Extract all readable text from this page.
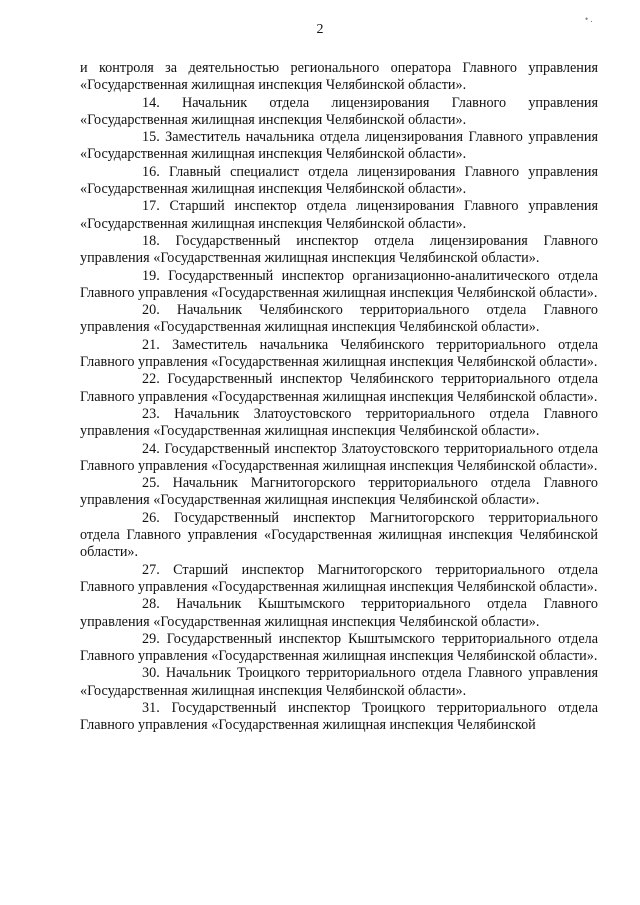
• .
2

и контроля за деятельностью регионального оператора Главного управления «Государственная жилищная инспекция Челябинской области».

14. Начальник отдела лицензирования Главного управления «Государственная жилищная инспекция Челябинской области».

15. Заместитель начальника отдела лицензирования Главного управления «Государственная жилищная инспекция Челябинской области».

16. Главный специалист отдела лицензирования Главного управления «Государственная жилищная инспекция Челябинской области».

17. Старший инспектор отдела лицензирования Главного управления «Государственная жилищная инспекция Челябинской области».

18. Государственный инспектор отдела лицензирования Главного управления «Государственная жилищная инспекция Челябинской области».

19. Государственный инспектор организационно-аналитического отдела Главного управления «Государственная жилищная инспекция Челябинской области».

20. Начальник Челябинского территориального отдела Главного управления «Государственная жилищная инспекция Челябинской области».

21. Заместитель начальника Челябинского территориального отдела Главного управления «Государственная жилищная инспекция Челябинской области».

22. Государственный инспектор Челябинского территориального отдела Главного управления «Государственная жилищная инспекция Челябинской области».

23. Начальник Златоустовского территориального отдела Главного управления «Государственная жилищная инспекция Челябинской области».

24. Государственный инспектор Златоустовского территориального отдела Главного управления «Государственная жилищная инспекция Челябинской области».

25. Начальник Магнитогорского территориального отдела Главного управления «Государственная жилищная инспекция Челябинской области».

26. Государственный инспектор Магнитогорского территориального отдела Главного управления «Государственная жилищная инспекция Челябинской области».

27. Старший инспектор Магнитогорского территориального отдела Главного управления «Государственная жилищная инспекция Челябинской области».

28. Начальник Кыштымского территориального отдела Главного управления «Государственная жилищная инспекция Челябинской области».

29. Государственный инспектор Кыштымского территориального отдела Главного управления «Государственная жилищная инспекция Челябинской области».

30. Начальник Троицкого территориального отдела Главного управления «Государственная жилищная инспекция Челябинской области».

31. Государственный инспектор Троицкого территориального отдела Главного управления «Государственная жилищная инспекция Челябинской
